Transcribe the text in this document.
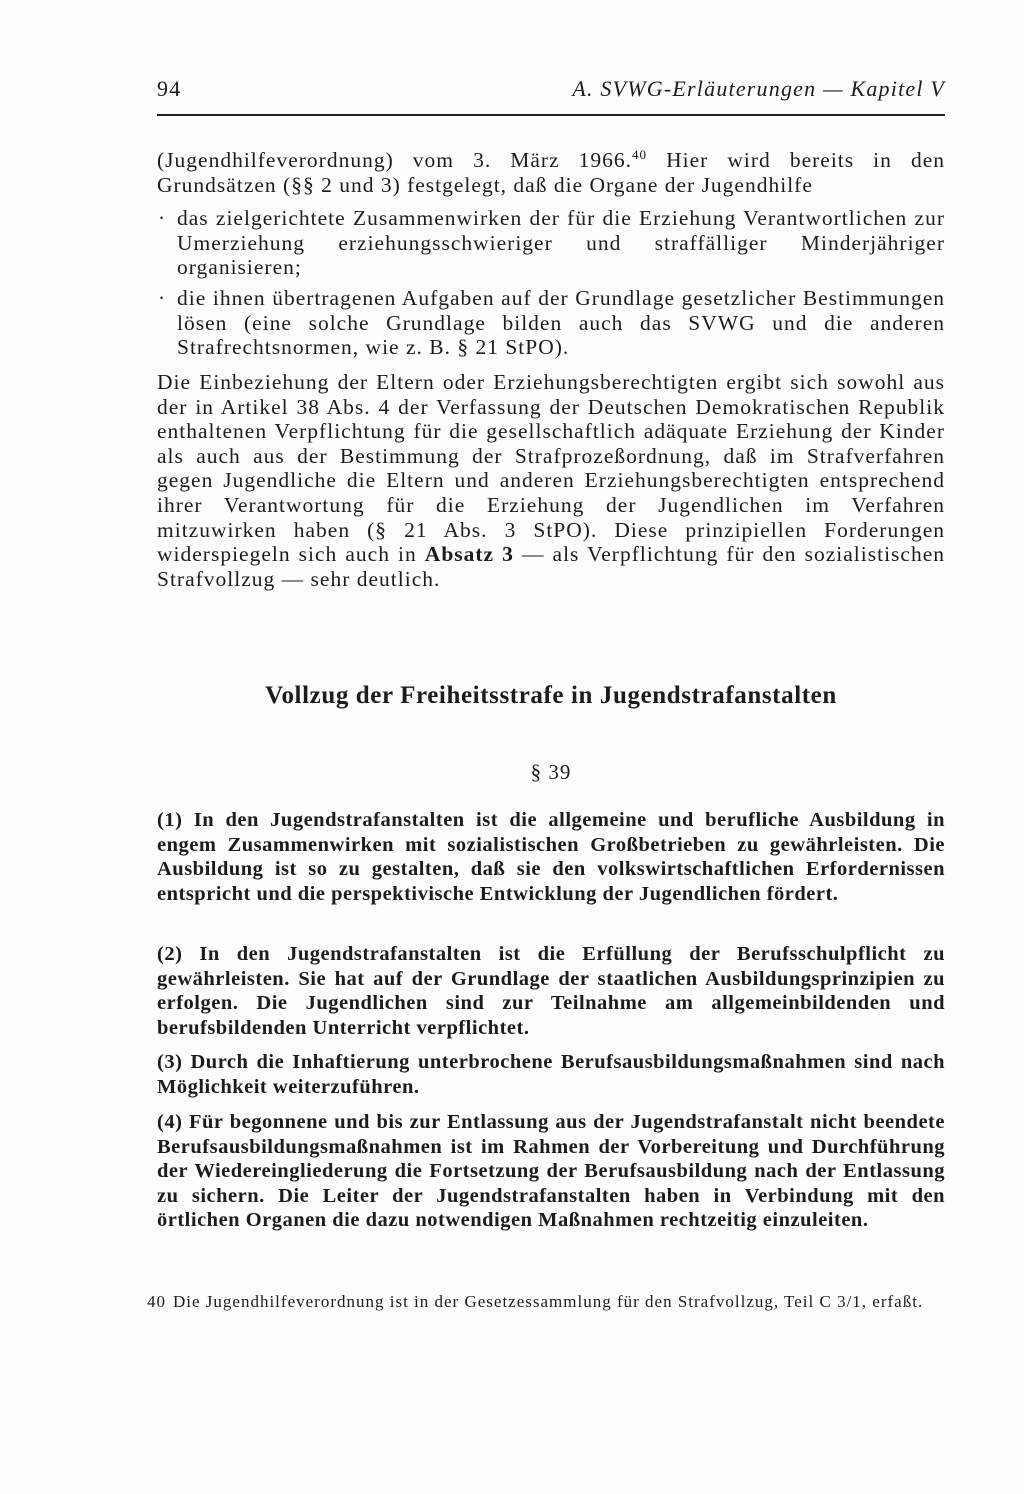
94	A. SVWG-Erläuterungen — Kapitel V

(Jugendhilfeverordnung) vom 3. März 1966.40 Hier wird bereits in den Grundsätzen (§§ 2 und 3) festgelegt, daß die Organe der Jugendhilfe

· das zielgerichtete Zusammenwirken der für die Erziehung Verantwortlichen zur Umerziehung erziehungsschwieriger und straffälliger Minderjähriger organisieren;
· die ihnen übertragenen Aufgaben auf der Grundlage gesetzlicher Bestimmungen lösen (eine solche Grundlage bilden auch das SVWG und die anderen Strafrechtsnormen, wie z. B. § 21 StPO).

Die Einbeziehung der Eltern oder Erziehungsberechtigten ergibt sich sowohl aus der in Artikel 38 Abs. 4 der Verfassung der Deutschen Demokratischen Republik enthaltenen Verpflichtung für die gesellschaftlich adäquate Erziehung der Kinder als auch aus der Bestimmung der Strafprozeßordnung, daß im Strafverfahren gegen Jugendliche die Eltern und anderen Erziehungsberechtigten entsprechend ihrer Verantwortung für die Erziehung der Jugendlichen im Verfahren mitzuwirken haben (§ 21 Abs. 3 StPO). Diese prinzipiellen Forderungen widerspiegeln sich auch in Absatz 3 — als Verpflichtung für den sozialistischen Strafvollzug — sehr deutlich.

Vollzug der Freiheitsstrafe in Jugendstrafanstalten
§ 39

(1) In den Jugendstrafanstalten ist die allgemeine und berufliche Ausbildung in engem Zusammenwirken mit sozialistischen Großbetrieben zu gewährleisten. Die Ausbildung ist so zu gestalten, daß sie den volkswirtschaftlichen Erfordernissen entspricht und die perspektivische Entwicklung der Jugendlichen fördert.

(2) In den Jugendstrafanstalten ist die Erfüllung der Berufsschulpflicht zu gewährleisten. Sie hat auf der Grundlage der staatlichen Ausbildungsprinzipien zu erfolgen. Die Jugendlichen sind zur Teilnahme am allgemeinbildenden und berufsbildenden Unterricht verpflichtet.

(3) Durch die Inhaftierung unterbrochene Berufsausbildungsmaßnahmen sind nach Möglichkeit weiterzuführen.

(4) Für begonnene und bis zur Entlassung aus der Jugendstrafanstalt nicht beendete Berufsausbildungsmaßnahmen ist im Rahmen der Vorbereitung und Durchführung der Wiedereingliederung die Fortsetzung der Berufsausbildung nach der Entlassung zu sichern. Die Leiter der Jugendstrafanstalten haben in Verbindung mit den örtlichen Organen die dazu notwendigen Maßnahmen rechtzeitig einzuleiten.

40 Die Jugendhilfeverordnung ist in der Gesetzessammlung für den Strafvollzug, Teil C 3/1, erfaßt.
